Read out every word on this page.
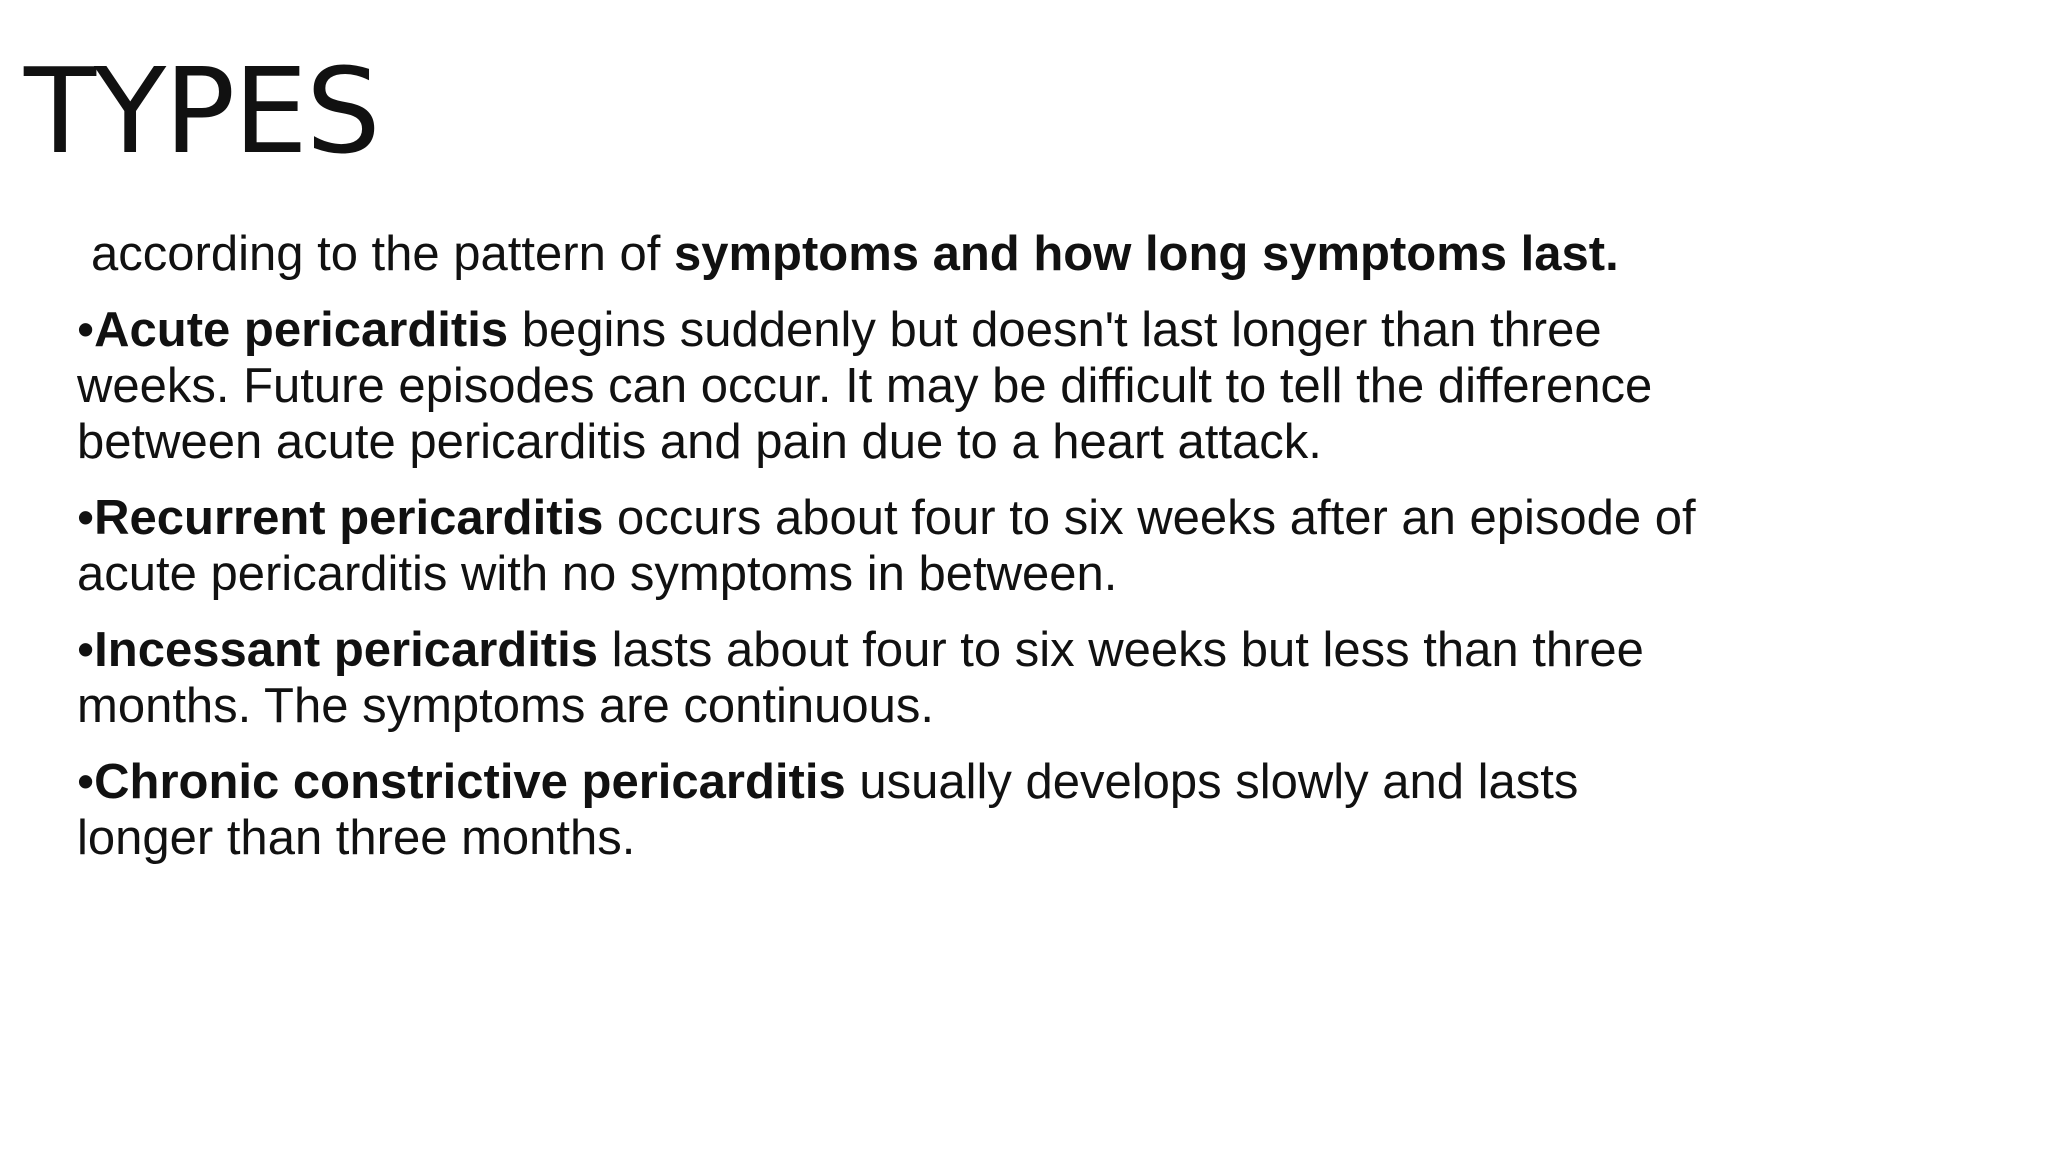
TYPES
according to the pattern of symptoms and how long symptoms last.
•Acute pericarditis begins suddenly but doesn't last longer than three
weeks. Future episodes can occur. It may be difficult to tell the difference
between acute pericarditis and pain due to a heart attack.
•Recurrent pericarditis occurs about four to six weeks after an episode of
acute pericarditis with no symptoms in between.
•Incessant pericarditis lasts about four to six weeks but less than three
months. The symptoms are continuous.
•Chronic constrictive pericarditis usually develops slowly and lasts
longer than three months.
